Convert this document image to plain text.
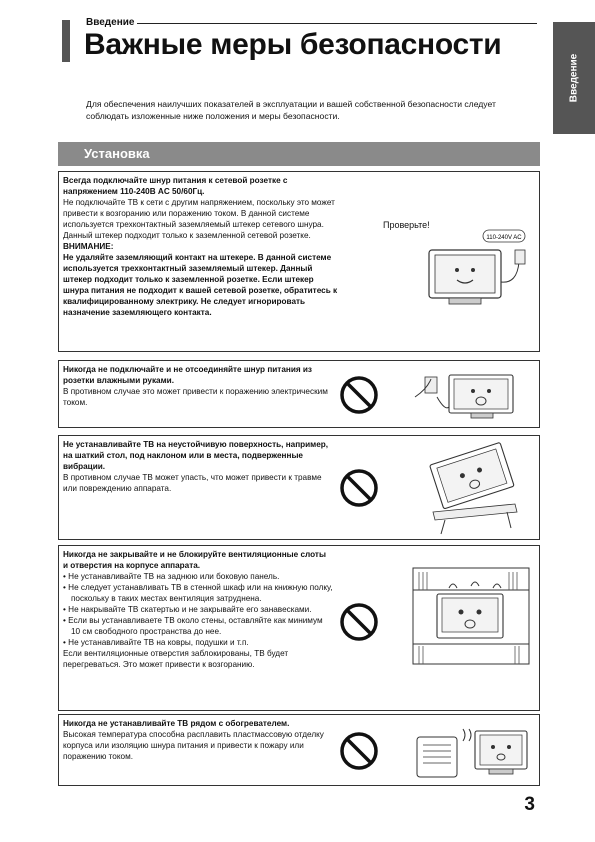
Введение
Важные меры безопасности
Введение
Для обеспечения наилучших показателей в эксплуатации и вашей собственной безопасности следует соблюдать изложенные ниже положения и меры безопасности.
Установка
Всегда подключайте шнур питания к сетевой розетке с напряжением 110-240В AC 50/60Гц.
Не подключайте ТВ к сети с другим напряжением, поскольку это может привести к возгоранию или поражению током. В данной системе используется трехконтактный заземляемый штекер сетевого шнура. Данный штекер подходит только к заземленной сетевой розетке.
ВНИМАНИЕ:
Не удаляйте заземляющий контакт на штекере. В данной системе используется трехконтактный заземляемый штекер. Данный штекер подходит только к заземленной розетке. Если штекер шнура питания не подходит к вашей сетевой розетке, обратитесь к квалифицированному электрику. Не следует игнорировать назначение заземляющего контакта.
Проверьте!
110-240V AC
Никогда не подключайте и не отсоединяйте шнур питания из розетки влажными руками.
В противном случае это может привести к поражению электрическим током.
Не устанавливайте ТВ на неустойчивую поверхность, например, на шаткий стол, под наклоном или в места, подверженные вибрации.
В противном случае ТВ может упасть, что может привести к травме или повреждению аппарата.
Никогда не закрывайте и не блокируйте вентиляционные слоты и отверстия на корпусе аппарата.
• Не устанавливайте ТВ на заднюю или боковую панель.
• Не следует устанавливать ТВ в стенной шкаф или на книжную полку, поскольку в таких местах вентиляция затруднена.
• Не накрывайте ТВ скатертью и не закрывайте его занавесками.
• Если вы устанавливаете ТВ около стены, оставляйте как минимум 10 см свободного пространства до нее.
• Не устанавливайте ТВ на ковры, подушки и т.п.
Если вентиляционные отверстия заблокированы, ТВ будет перегреваться. Это может привести к возгоранию.
Никогда не устанавливайте ТВ рядом с обогревателем.
Высокая температура способна расплавить пластмассовую отделку корпуса или изоляцию шнура питания и привести к пожару или поражению током.
3
